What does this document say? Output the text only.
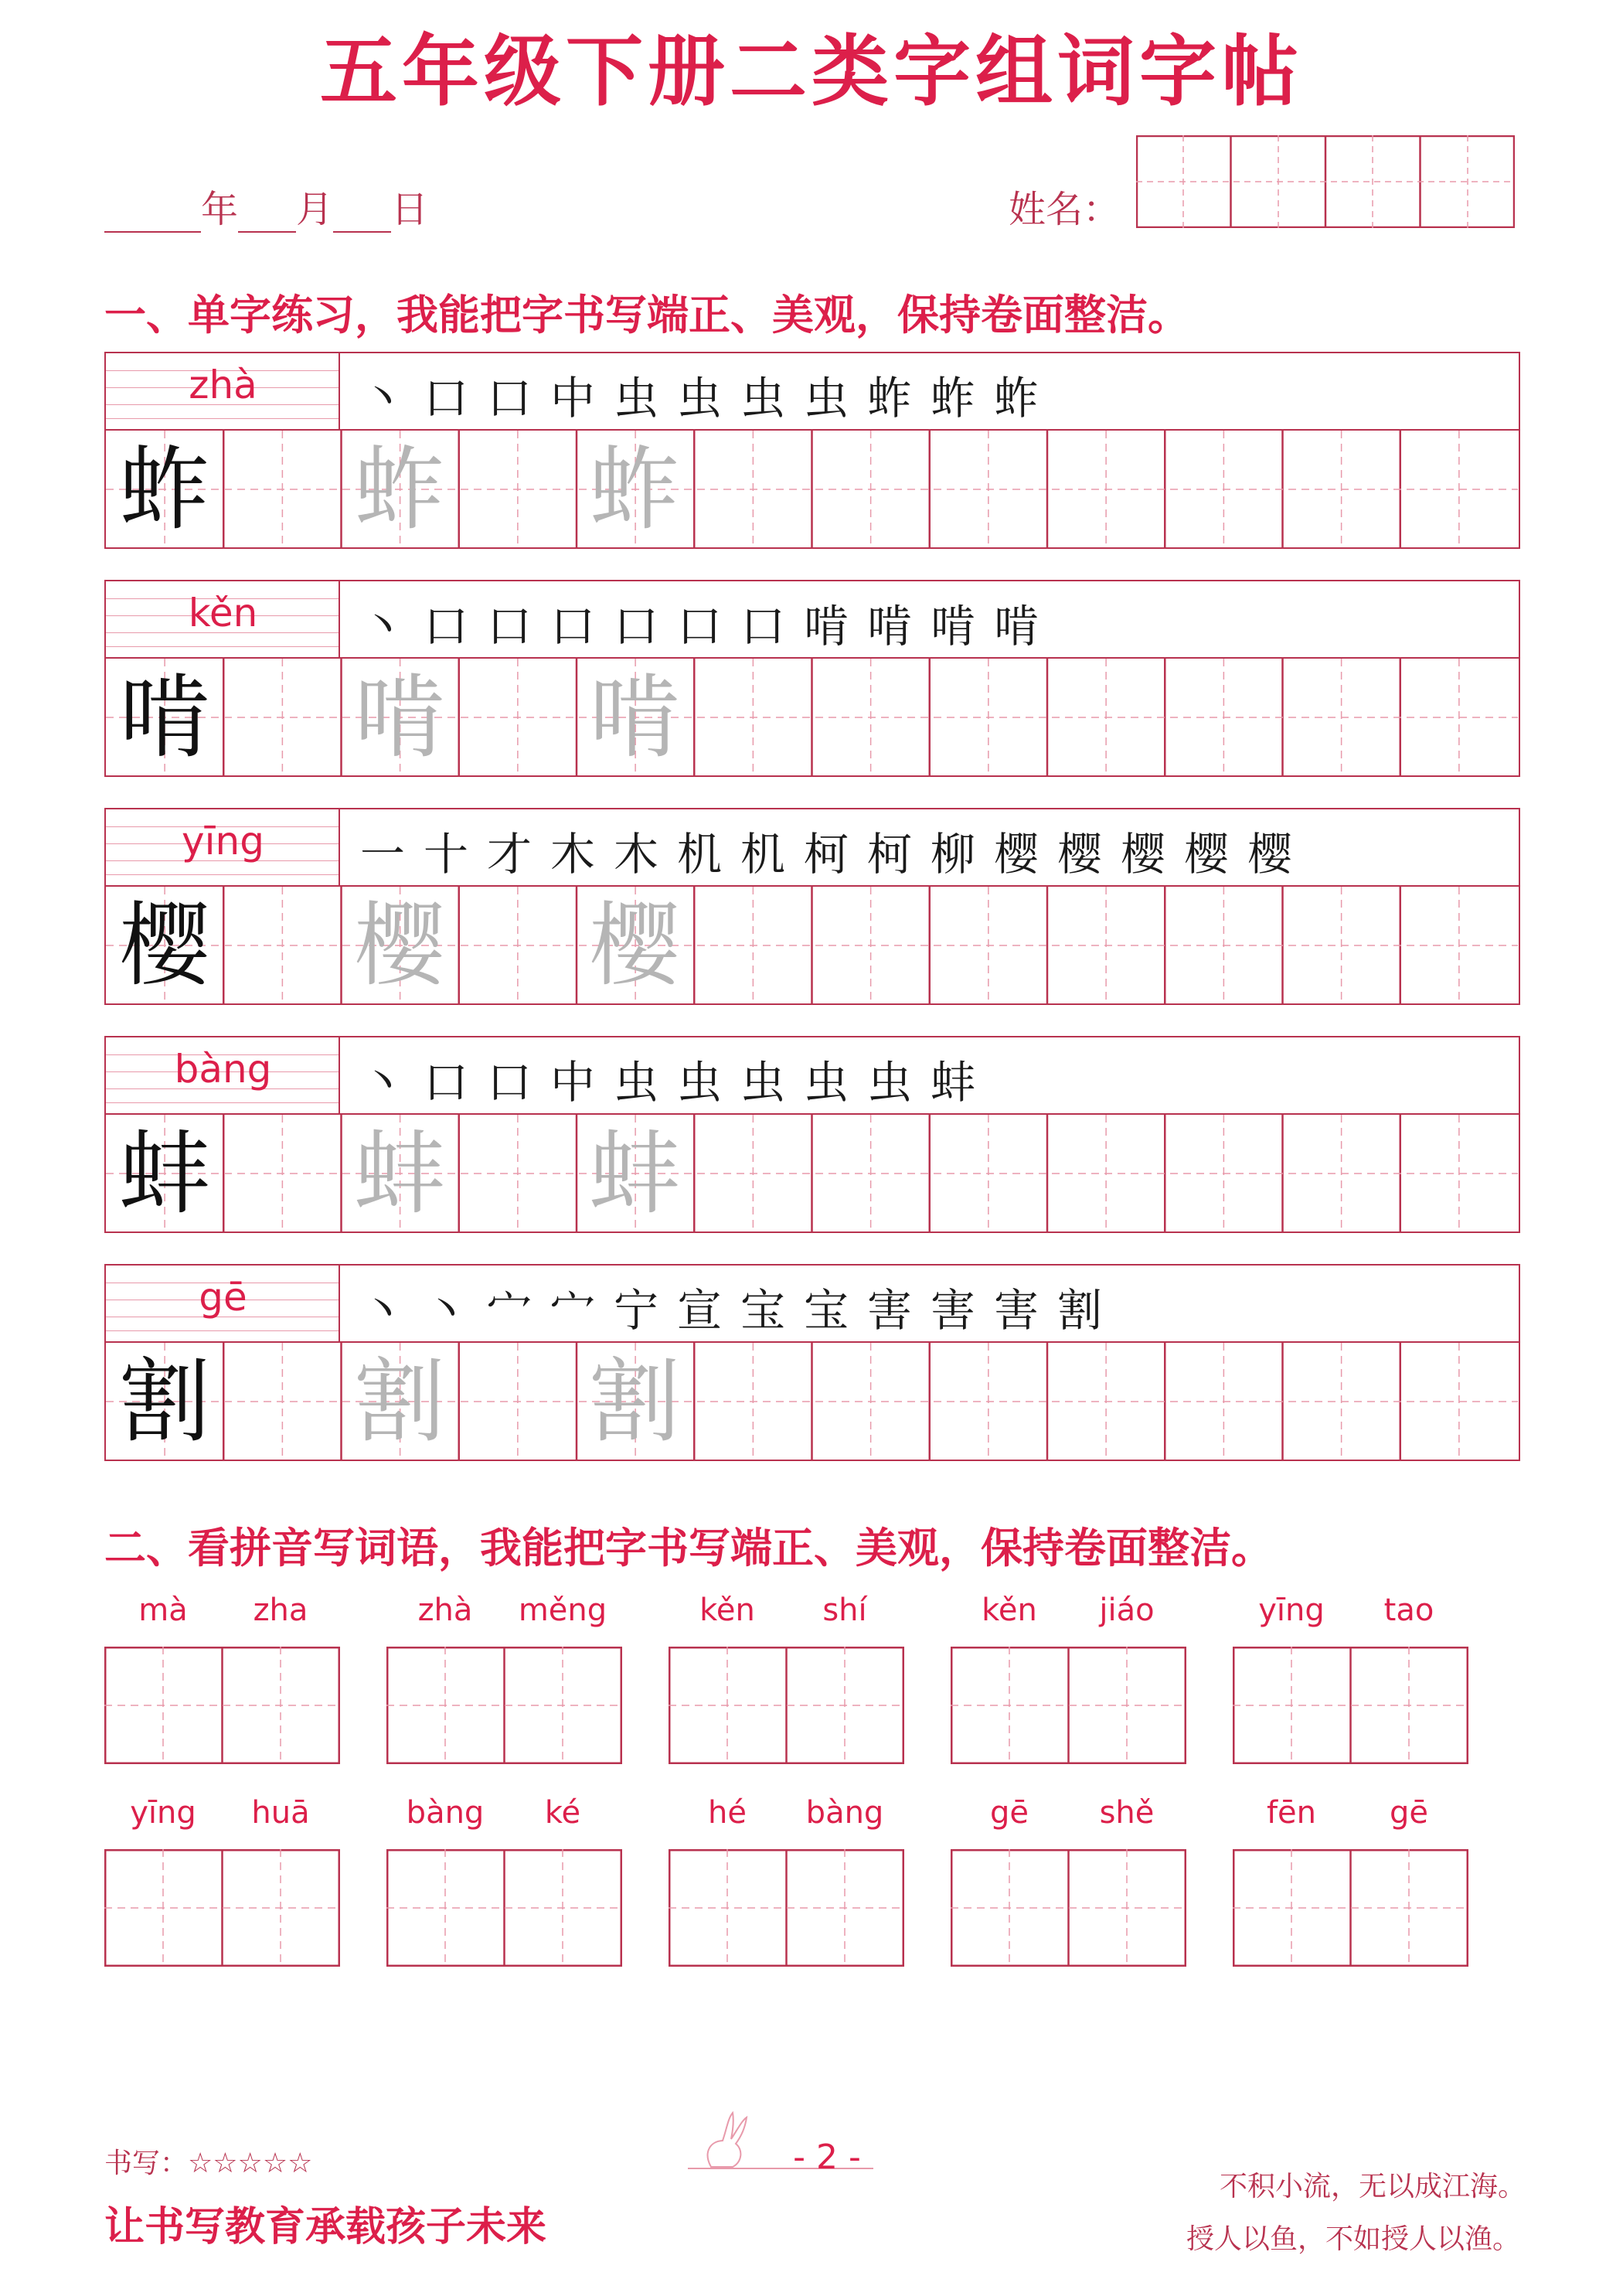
五年级下册二类字组词字帖
年 月 日	姓名：
一、单字练习，我能把字书写端正、美观，保持卷面整洁。
zhà	丶 口 口 中 虫 虫 虫 虫 蚱 蚱 蚱
蚱 蚱 蚱
kěn	丶 口 口 口 口 口 口 啃 啃 啃 啃
啃 啃 啃
yīng	一 十 才 木 木 机 机 柯 柯 柳 樱 樱 樱 樱 樱
樱 樱 樱
bàng	丶 口 口 中 虫 虫 虫 虫 虫 蚌
蚌 蚌 蚌
gē	丶 丶 宀 宀 宁 宣 宝 宝 害 害 害 割
割 割 割
二、看拼音写词语，我能把字书写端正、美观，保持卷面整洁。
mà	zha	zhà	měng	kěn	shí	kěn	jiáo	yīng	tao
yīng	huā	bàng	ké	hé	bàng	gē	shě	fēn	gē
书写：☆☆☆☆☆
让书写教育承载孩子未来
- 2 -
不积小流，无以成江海。
授人以鱼，不如授人以渔。
